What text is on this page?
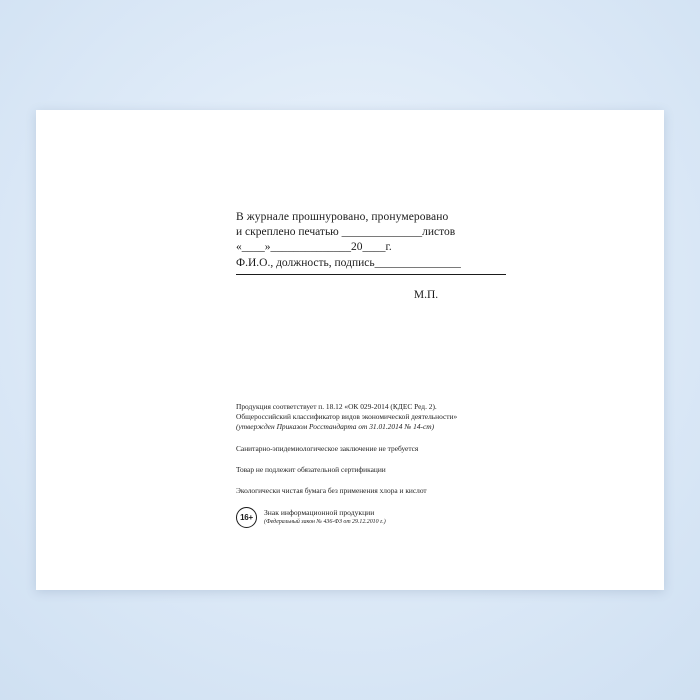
В журнале прошнуровано, пронумеровано
и скреплено печатью ______________листов
«____»______________20____г.
Ф.И.О., должность, подпись_______________
М.П.
Продукция соответствует п. 18.12 «ОК 029-2014 (КДЕС Ред. 2).
Общероссийский классификатор видов экономической деятельности»
(утвержден Приказом Росстандарта от 31.01.2014 № 14-ст)
Санитарно-эпидемиологическое заключение не требуется
Товар не подлежит обязательной сертификации
Экологически чистая бумага без применения хлора и кислот
16+
Знак информационной продукции
(Федеральный закон № 436-ФЗ от 29.12.2010 г.)
